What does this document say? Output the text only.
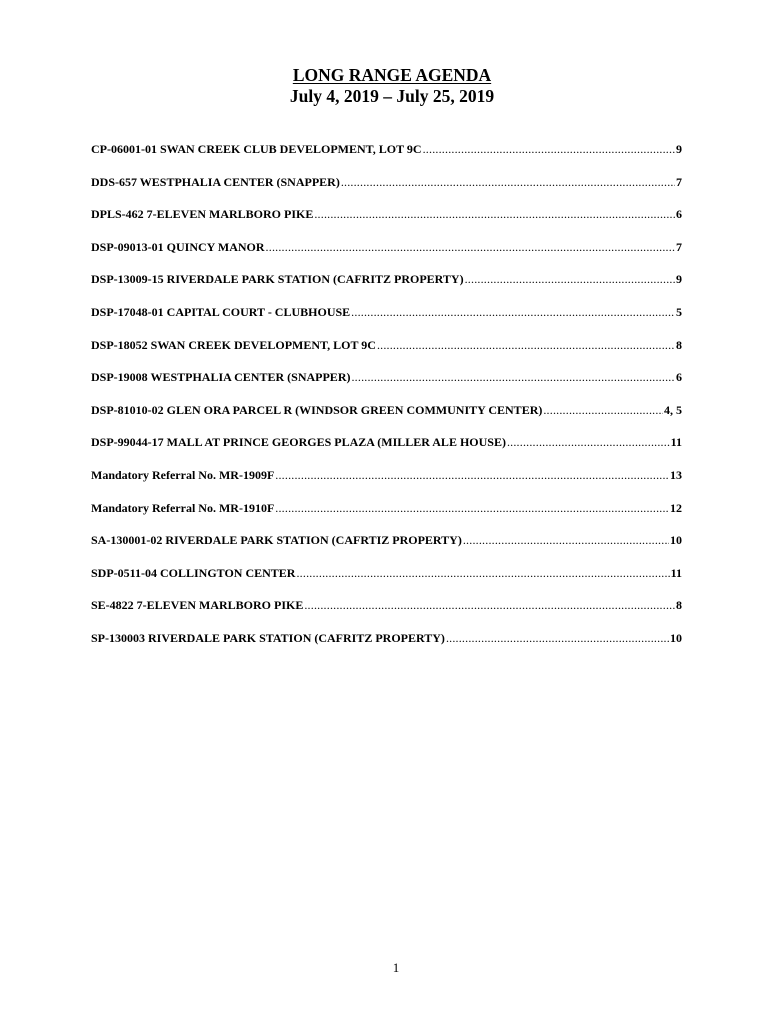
LONG RANGE AGENDA
July 4, 2019 – July 25, 2019
CP-06001-01 SWAN CREEK CLUB DEVELOPMENT, LOT 9C .....	9
DDS-657 WESTPHALIA CENTER (SNAPPER) .....	7
DPLS-462 7-ELEVEN MARLBORO PIKE .....	6
DSP-09013-01 QUINCY MANOR .....	7
DSP-13009-15 RIVERDALE PARK STATION (CAFRITZ PROPERTY) .....	9
DSP-17048-01 CAPITAL COURT - CLUBHOUSE .....	5
DSP-18052 SWAN CREEK DEVELOPMENT, LOT 9C .....	8
DSP-19008 WESTPHALIA CENTER (SNAPPER) .....	6
DSP-81010-02 GLEN ORA PARCEL R (WINDSOR GREEN COMMUNITY CENTER) .....	4, 5
DSP-99044-17 MALL AT PRINCE GEORGES PLAZA (MILLER ALE HOUSE) .....	11
Mandatory Referral No. MR-1909F .....	13
Mandatory Referral No. MR-1910F .....	12
SA-130001-02 RIVERDALE PARK STATION (CAFRTIZ PROPERTY) .....	10
SDP-0511-04 COLLINGTON CENTER .....	11
SE-4822 7-ELEVEN MARLBORO PIKE .....	8
SP-130003 RIVERDALE PARK STATION (CAFRITZ PROPERTY) .....	10
1
